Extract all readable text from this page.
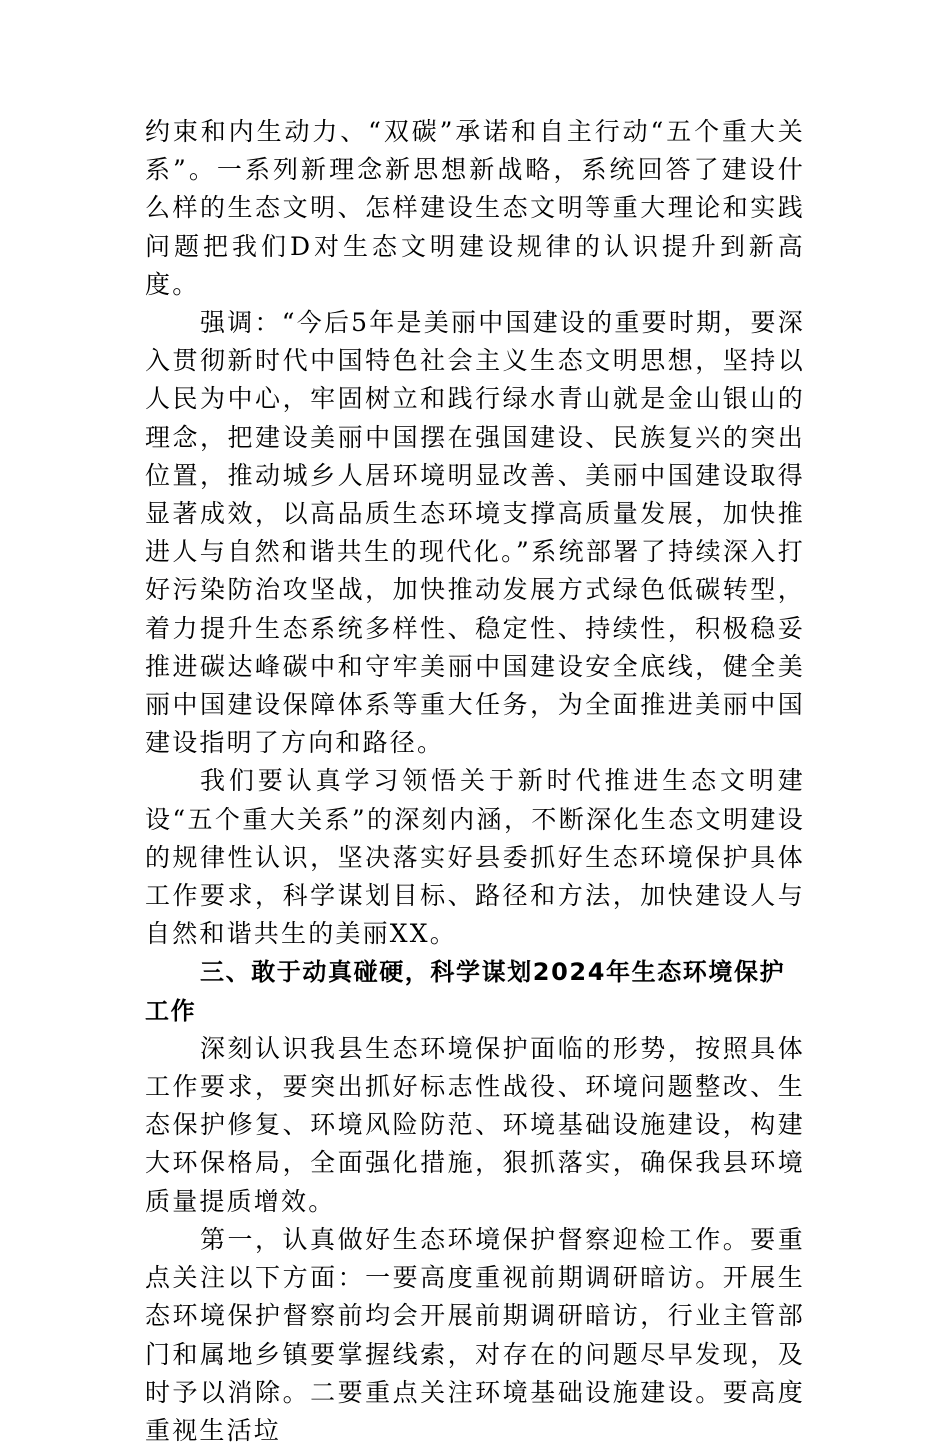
约束和内生动力、“双碳”承诺和自主行动“五个重大关系”。一系列新理念新思想新战略，系统回答了建设什么样的生态文明、怎样建设生态文明等重大理论和实践问题把我们D对生态文明建设规律的认识提升到新高度。

强调：“今后5年是美丽中国建设的重要时期，要深入贯彻新时代中国特色社会主义生态文明思想，坚持以人民为中心，牢固树立和践行绿水青山就是金山银山的理念，把建设美丽中国摆在强国建设、民族复兴的突出位置，推动城乡人居环境明显改善、美丽中国建设取得显著成效，以高品质生态环境支撑高质量发展，加快推进人与自然和谐共生的现代化。”系统部署了持续深入打好污染防治攻坚战，加快推动发展方式绿色低碳转型，着力提升生态系统多样性、稳定性、持续性，积极稳妥推进碳达峰碳中和守牢美丽中国建设安全底线，健全美丽中国建设保障体系等重大任务，为全面推进美丽中国建设指明了方向和路径。

我们要认真学习领悟关于新时代推进生态文明建设“五个重大关系”的深刻内涵，不断深化生态文明建设的规律性认识，坚决落实好县委抓好生态环境保护具体工作要求，科学谋划目标、路径和方法，加快建设人与自然和谐共生的美丽XX。

三、敢于动真碰硬，科学谋划2024年生态环境保护工作

深刻认识我县生态环境保护面临的形势，按照具体工作要求，要突出抓好标志性战役、环境问题整改、生态保护修复、环境风险防范、环境基础设施建设，构建大环保格局，全面强化措施，狠抓落实，确保我县环境质量提质增效。

第一，认真做好生态环境保护督察迎检工作。要重点关注以下方面：一要高度重视前期调研暗访。开展生态环境保护督察前均会开展前期调研暗访，行业主管部门和属地乡镇要掌握线索，对存在的问题尽早发现，及时予以消除。二要重点关注环境基础设施建设。要高度重视生活垃
